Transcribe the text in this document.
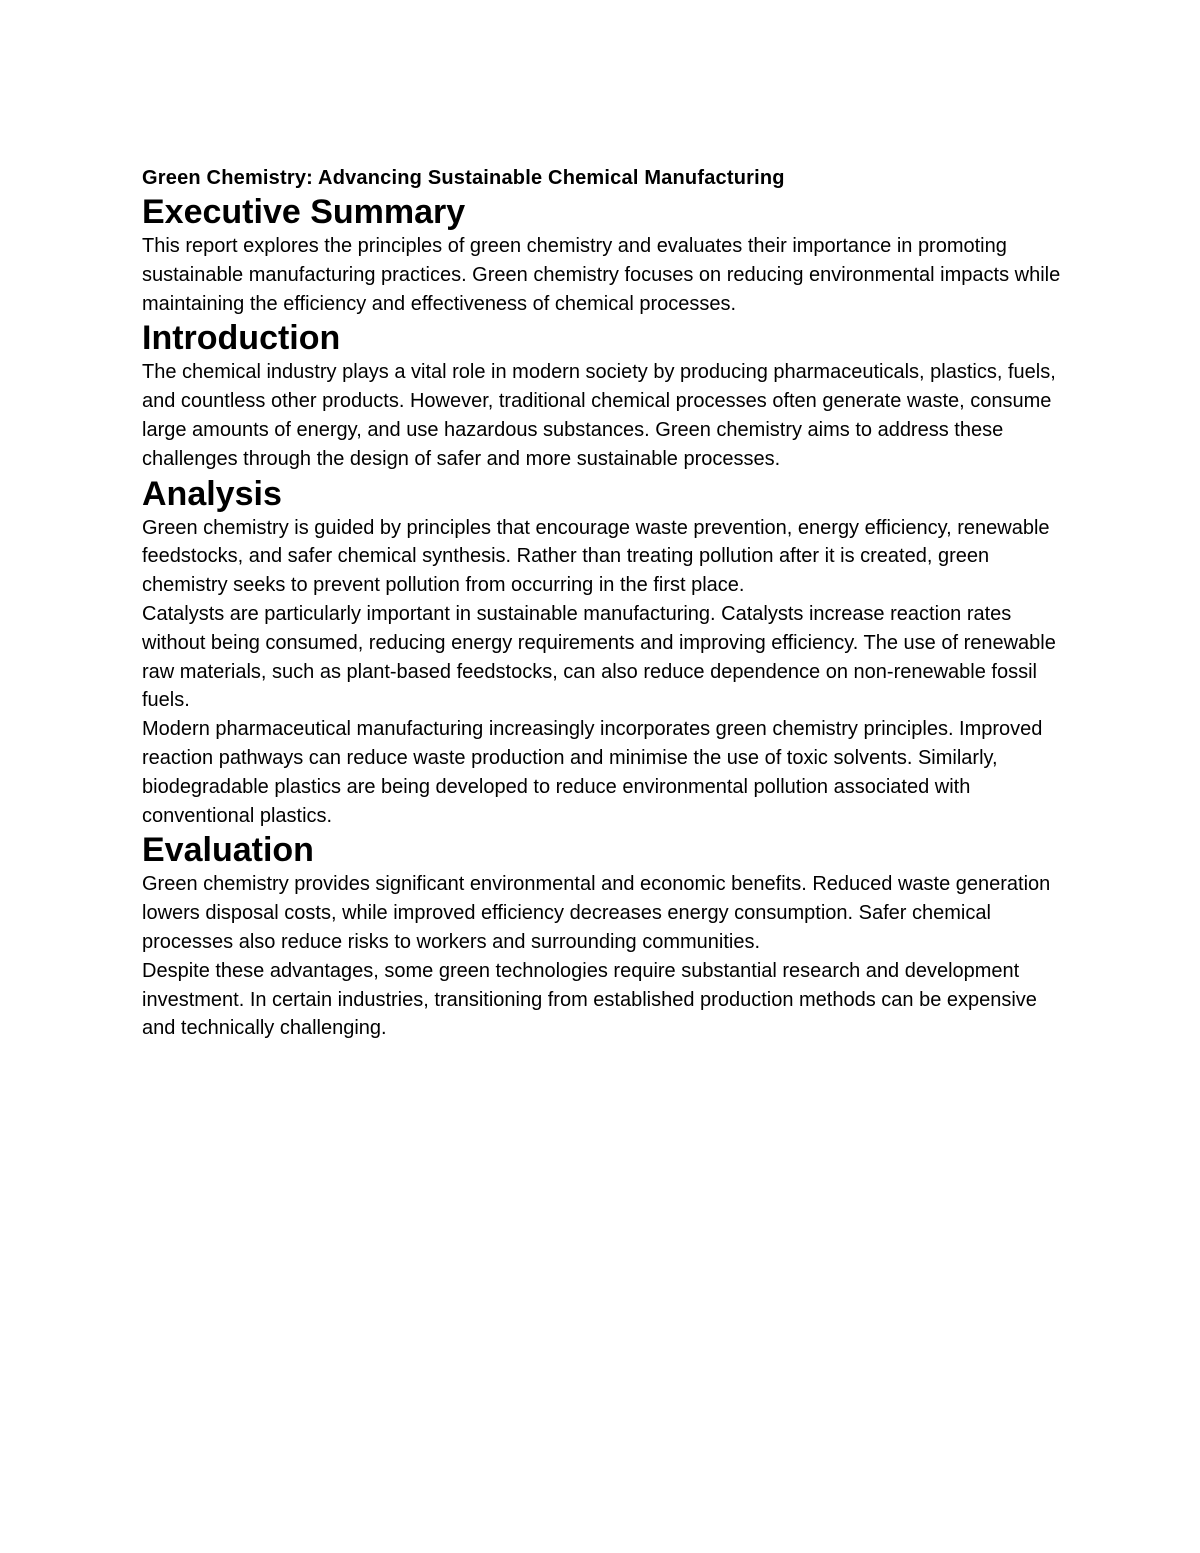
Green Chemistry: Advancing Sustainable Chemical Manufacturing
Executive Summary

This report explores the principles of green chemistry and evaluates their importance in promoting sustainable manufacturing practices. Green chemistry focuses on reducing environmental impacts while maintaining the efficiency and effectiveness of chemical processes.

Introduction

The chemical industry plays a vital role in modern society by producing pharmaceuticals, plastics, fuels, and countless other products. However, traditional chemical processes often generate waste, consume large amounts of energy, and use hazardous substances. Green chemistry aims to address these challenges through the design of safer and more sustainable processes.

Analysis

Green chemistry is guided by principles that encourage waste prevention, energy efficiency, renewable feedstocks, and safer chemical synthesis. Rather than treating pollution after it is created, green chemistry seeks to prevent pollution from occurring in the first place.

Catalysts are particularly important in sustainable manufacturing. Catalysts increase reaction rates without being consumed, reducing energy requirements and improving efficiency. The use of renewable raw materials, such as plant-based feedstocks, can also reduce dependence on non-renewable fossil fuels.

Modern pharmaceutical manufacturing increasingly incorporates green chemistry principles. Improved reaction pathways can reduce waste production and minimise the use of toxic solvents. Similarly, biodegradable plastics are being developed to reduce environmental pollution associated with conventional plastics.

Evaluation

Green chemistry provides significant environmental and economic benefits. Reduced waste generation lowers disposal costs, while improved efficiency decreases energy consumption. Safer chemical processes also reduce risks to workers and surrounding communities.

Despite these advantages, some green technologies require substantial research and development investment. In certain industries, transitioning from established production methods can be expensive and technically challenging.
